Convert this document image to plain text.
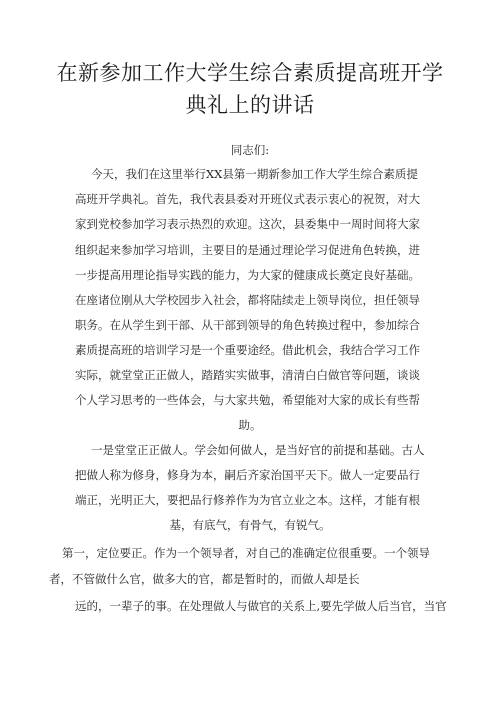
在新参加工作大学生综合素质提高班开学
典礼上的讲话
同志们:
今天，我们在这里举行XX县第一期新参加工作大学生综合素质提
高班开学典礼。首先，我代表县委对开班仪式表示衷心的祝贺，对大
家到党校参加学习表示热烈的欢迎。这次，县委集中一周时间将大家
组织起来参加学习培训，主要目的是通过理论学习促进角色转换，进
一步提高用理论指导实践的能力，为大家的健康成长奠定良好基础。
在座诸位刚从大学校园步入社会，都将陆续走上领导岗位，担任领导
职务。在从学生到干部、从干部到领导的角色转换过程中，参加综合
素质提高班的培训学习是一个重要途经。借此机会，我结合学习工作
实际，就堂堂正正做人，踏踏实实做事，清清白白做官等问题，谈谈
个人学习思考的一些体会，与大家共勉，希望能对大家的成长有些帮
助。
一是堂堂正正做人。学会如何做人，是当好官的前提和基础。古人
把做人称为修身，修身为本，嗣后齐家治国平天下。做人一定要品行
端正，光明正大，要把品行修养作为为官立业之本。这样，才能有根
基，有底气，有骨气，有锐气。
第一，定位要正。作为一个领导者，对自己的准确定位很重要。一个领导
者，不管做什么官，做多大的官，都是暂时的，而做人却是长
远的，一辈子的事。在处理做人与做官的关系上,要先学做人后当官，当官
